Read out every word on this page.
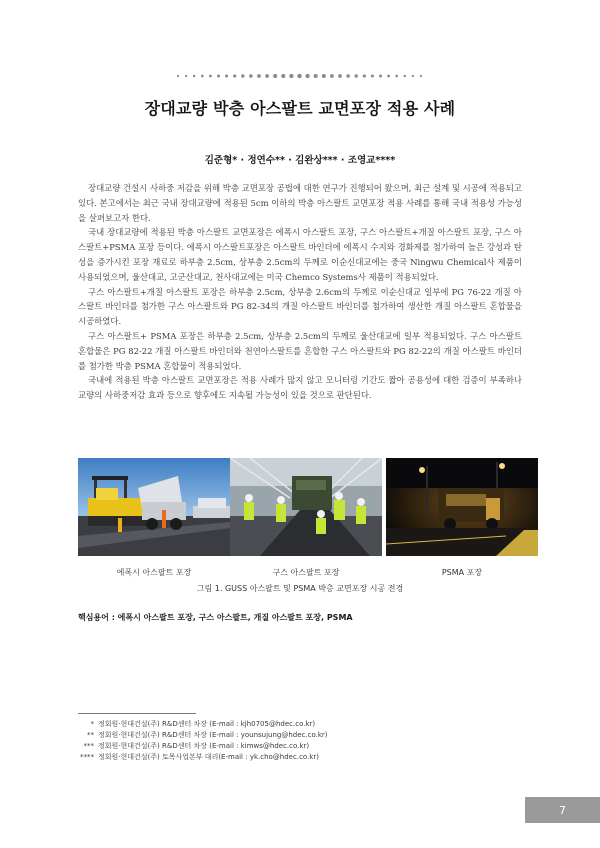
장대교량 박층 아스팔트 교면포장 적용 사례
김준형* · 정연수** · 김완상*** · 조영교****

장대교량 건설시 사하중 저감을 위해 박층 교면포장 공법에 대한 연구가 진행되어 왔으며, 최근 설계 및 시공에 적용되고 있다. 본고에서는 최근 국내 장대교량에 적용된 5cm 이하의 박층 아스팔트 교면포장 적용 사례를 통해 국내 적용성 가능성을 살펴보고자 한다.

국내 장대교량에 적용된 박층 아스팔트 교면포장은 에폭시 아스팔트 포장, 구스 아스팔트+개질 아스팔트 포장, 구스 아스팔트+PSMA 포장 등이다. 에폭시 아스팔트포장은 아스팔트 바인더에 에폭시 수지와 경화제를 첨가하여 높은 강성과 탄성을 증가시킨 포장 재료로 하부층 2.5cm, 상부층 2.5cm의 두께로 이순신대교에는 중국 Ningwu Chemical사 제품이 사용되었으며, 울산대교, 고군산대교, 천사대교에는 미국 Chemco Systems사 제품이 적용되었다.

구스 아스팔트+개질 아스팔트 포장은 하부층 2.5cm, 상부층 2.6cm의 두께로 이순신대교 일부에 PG 76-22 개질 아스팔트 바인더를 첨가한 구스 아스팔트와 PG 82-34의 개질 아스팔트 바인더를 첨가하여 생산한 개질 아스팔트 혼합물을 시공하였다.

구스 아스팔트+ PSMA 포장은 하부층 2.5cm, 상부층 2.5cm의 두께로 울산대교에 일부 적용되었다. 구스 아스팔트 혼합물은 PG 82-22 개질 아스팔트 바인더와 천연아스팔트를 혼합한 구스 아스팔트와 PG 82-22의 개질 아스팔트 바인더를 첨가한 박층 PSMA 혼합물이 적용되었다.

국내에 적용된 박층 아스팔트 교면포장은 적용 사례가 많지 않고 모니터링 기간도 짧아 공용성에 대한 검증이 부족하나 교량의 사하중저감 효과 등으로 향후에도 지속될 가능성이 있을 것으로 판단된다.

에폭시 아스팔트 포장	구스 아스팔트 포장	PSMA 포장
그림 1. GUSS 아스팔트 및 PSMA 박층 교면포장 시공 전경
핵심용어 : 에폭시 아스팔트 포장, 구스 아스팔트, 개질 아스팔트 포장, PSMA
* 정회원·현대건설(주) R&D센터 차장 (E-mail : kjh0705@hdec.co.kr)
** 정회원·현대건설(주) R&D센터 차장 (E-mail : younsujung@hdec.co.kr)
*** 정회원·현대건설(주) R&D센터 차장 (E-mail : kimws@hdec.co.kr)
**** 정회원·현대건설(주) 토목사업본부 대리(E-mail : yk.cho@hdec.co.kr)
7
